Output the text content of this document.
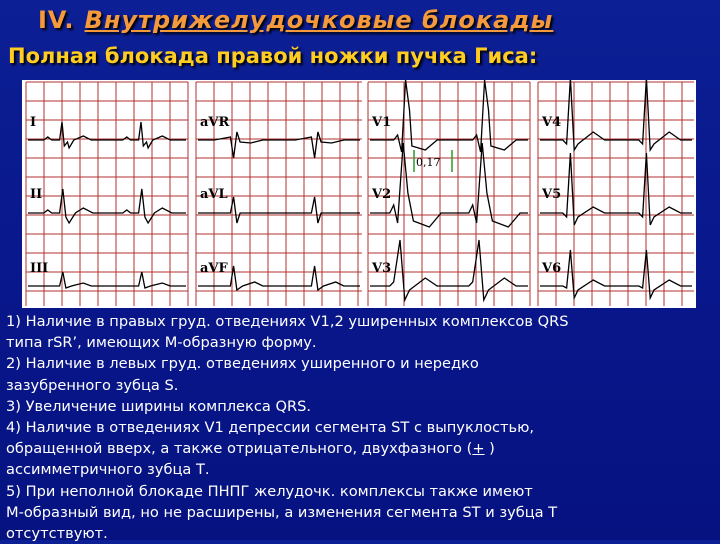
IV. Внутрижелудочковые блокады
Полная блокада правой ножки пучка Гиса:
I	aVR	V1	V4
II	aVL	V2	V5
III	aVF	V3	V6
0,17

1) Наличие в правых груд. отведениях V1,2 уширенных комплексов QRS
типа rSR’, имеющих М-образную форму.

2) Наличие в левых груд. отведениях уширенного и нередко
зазубренного зубца S.

3) Увеличение ширины комплекса QRS.

4) Наличие в отведениях V1 депрессии сегмента ST с выпуклостью,
обращенной вверх, а также отрицательного, двухфазного (+ )
ассимметричного зубца Т.

5) При неполной блокаде ПНПГ желудочк. комплексы также имеют
М-образный вид, но не расширены, а изменения сегмента ST и зубца Т
отсутствуют.
